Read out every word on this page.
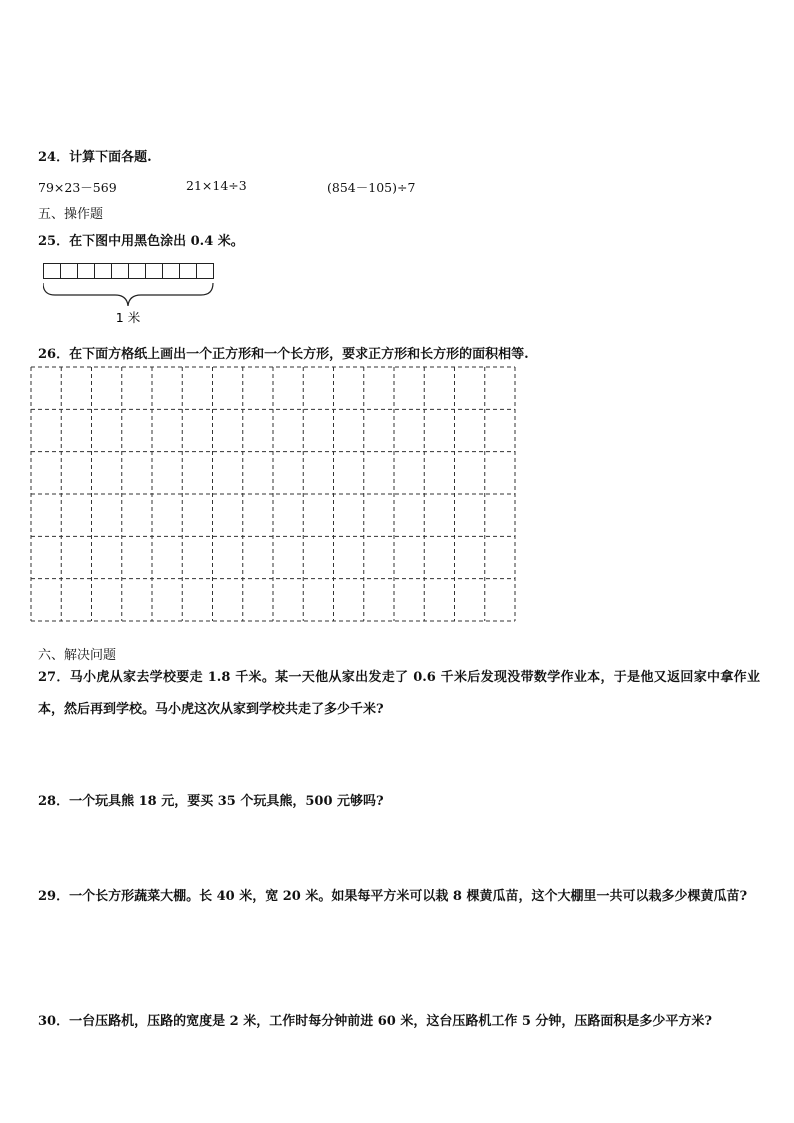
24．计算下面各题.
79×23－569	21×14÷3	(854－105)÷7
五、操作题
25．在下图中用黑色涂出 0.4 米。
1 米
26．在下面方格纸上画出一个正方形和一个长方形，要求正方形和长方形的面积相等.
六、解决问题
27．马小虎从家去学校要走 1.8 千米。某一天他从家出发走了 0.6 千米后发现没带数学作业本，于是他又返回家中拿作业本，然后再到学校。马小虎这次从家到学校共走了多少千米?
28．一个玩具熊 18 元，要买 35 个玩具熊，500 元够吗?
29．一个长方形蔬菜大棚。长 40 米，宽 20 米。如果每平方米可以栽 8 棵黄瓜苗，这个大棚里一共可以栽多少棵黄瓜苗?
30．一台压路机，压路的宽度是 2 米，工作时每分钟前进 60 米，这台压路机工作 5 分钟，压路面积是多少平方米?
